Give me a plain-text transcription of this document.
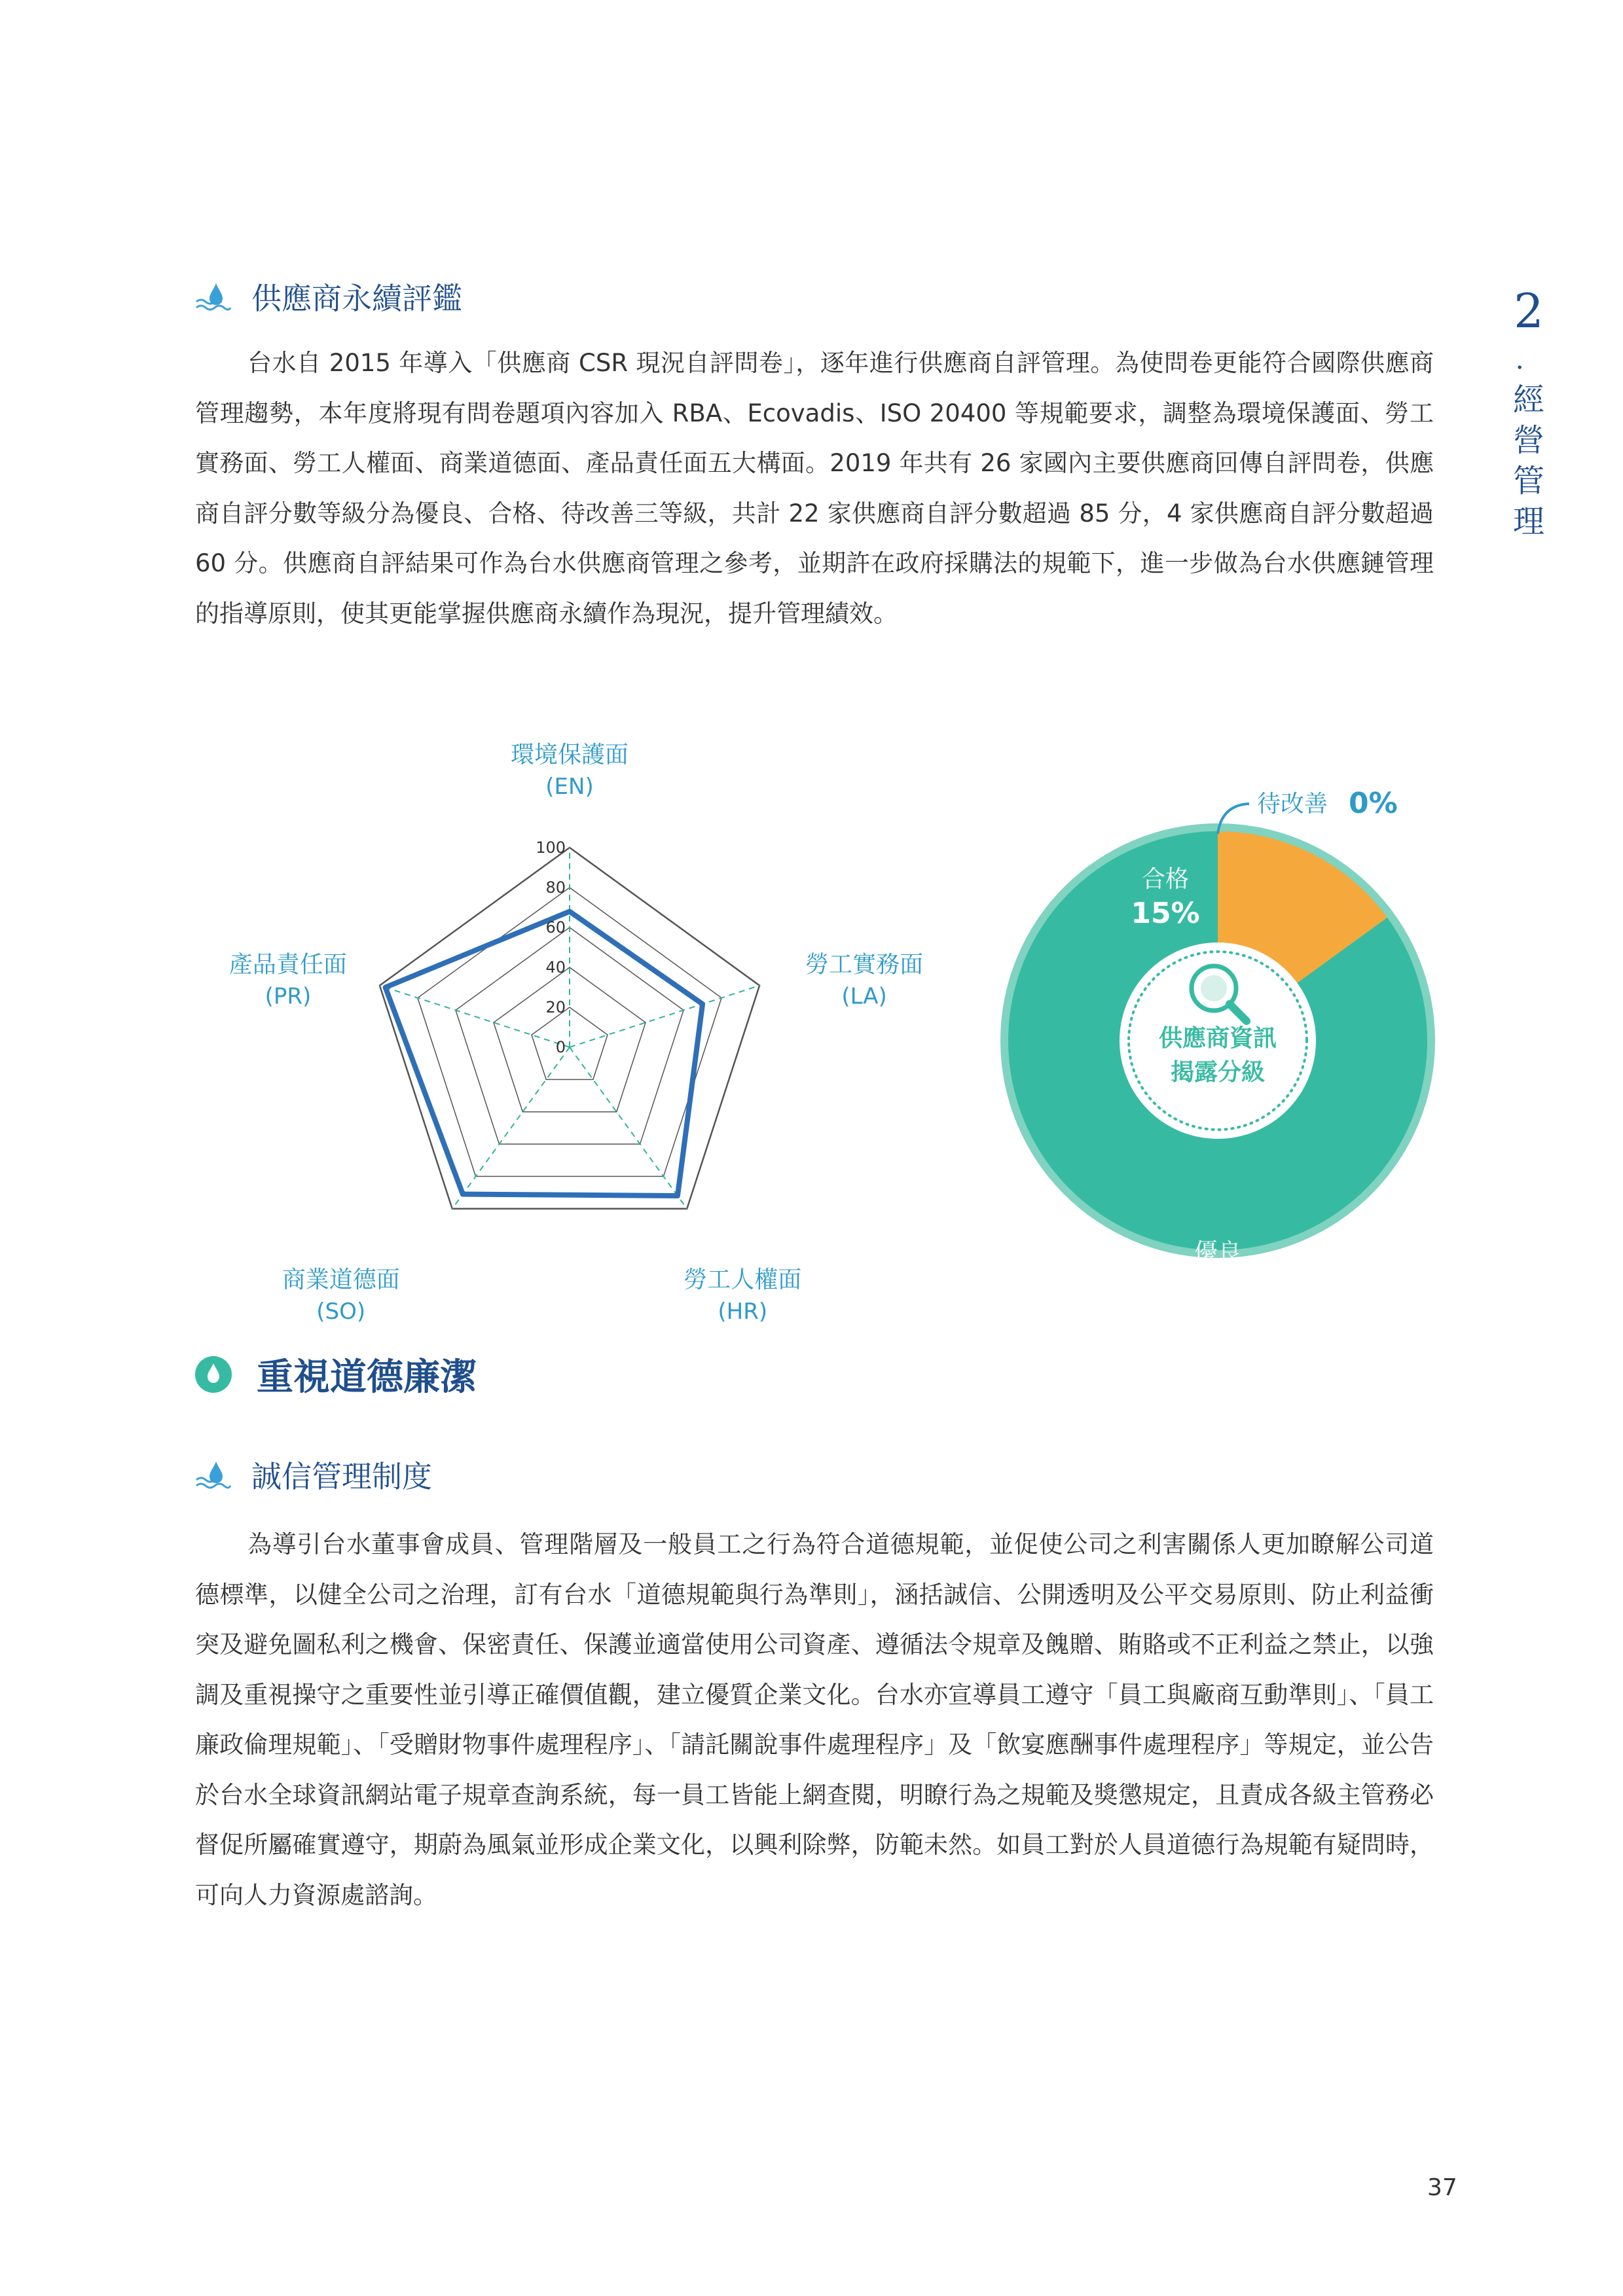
2
．
經
營
管
理
供應商永續評鑑

台水自 2015 年導入「供應商 CSR 現況自評問卷」，逐年進行供應商自評管理。為使問卷更能符合國際供應商管理趨勢，本年度將現有問卷題項內容加入 RBA、Ecovadis、ISO 20400 等規範要求，調整為環境保護面、勞工實務面、勞工人權面、商業道德面、產品責任面五大構面。2019 年共有 26 家國內主要供應商回傳自評問卷，供應商自評分數等級分為優良、合格、待改善三等級，共計 22 家供應商自評分數超過 85 分，4 家供應商自評分數超過 60 分。供應商自評結果可作為台水供應商管理之參考，並期許在政府採購法的規範下，進一步做為台水供應鏈管理的指導原則，使其更能掌握供應商永續作為現況，提升管理績效。

0
20
40
60
80
100
環境保護面
(EN)
勞工實務面
(LA)
勞工人權面
(HR)
商業道德面
(SO)
產品責任面
(PR)
供應商資訊
揭露分級
優良
85%
合格
15%
待改善 0%
重視道德廉潔
誠信管理制度

為導引台水董事會成員、管理階層及一般員工之行為符合道德規範，並促使公司之利害關係人更加瞭解公司道德標準，以健全公司之治理，訂有台水「道德規範與行為準則」，涵括誠信、公開透明及公平交易原則、防止利益衝突及避免圖私利之機會、保密責任、保護並適當使用公司資產、遵循法令規章及餽贈、賄賂或不正利益之禁止，以強調及重視操守之重要性並引導正確價值觀，建立優質企業文化。台水亦宣導員工遵守「員工與廠商互動準則」、「員工廉政倫理規範」、「受贈財物事件處理程序」、「請託關說事件處理程序」及「飲宴應酬事件處理程序」等規定，並公告於台水全球資訊網站電子規章查詢系統，每一員工皆能上網查閱，明瞭行為之規範及獎懲規定，且責成各級主管務必督促所屬確實遵守，期蔚為風氣並形成企業文化，以興利除弊，防範未然。如員工對於人員道德行為規範有疑問時，可向人力資源處諮詢。

37
